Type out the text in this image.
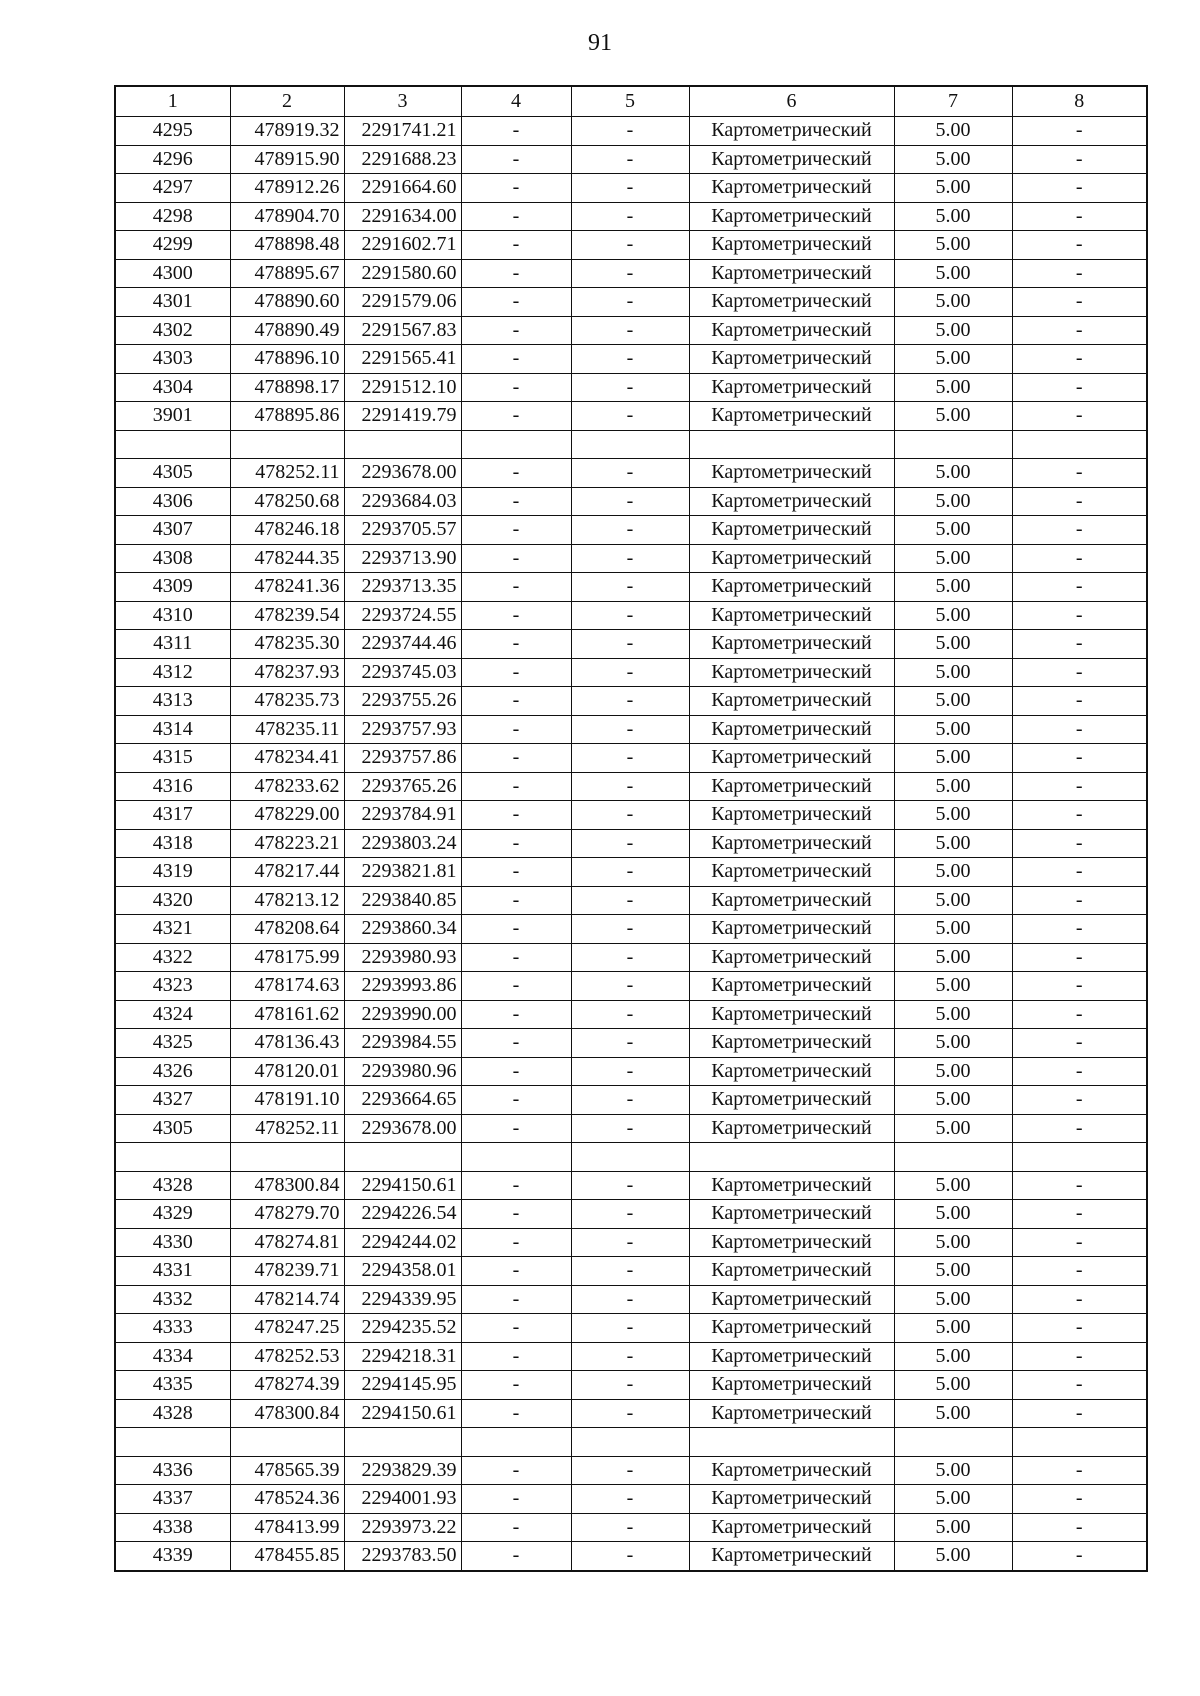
91
1	2	3	4	5	6	7	8
4295	478919.32	2291741.21	-	-	Картометрический	5.00	-
4296	478915.90	2291688.23	-	-	Картометрический	5.00	-
4297	478912.26	2291664.60	-	-	Картометрический	5.00	-
4298	478904.70	2291634.00	-	-	Картометрический	5.00	-
4299	478898.48	2291602.71	-	-	Картометрический	5.00	-
4300	478895.67	2291580.60	-	-	Картометрический	5.00	-
4301	478890.60	2291579.06	-	-	Картометрический	5.00	-
4302	478890.49	2291567.83	-	-	Картометрический	5.00	-
4303	478896.10	2291565.41	-	-	Картометрический	5.00	-
4304	478898.17	2291512.10	-	-	Картометрический	5.00	-
3901	478895.86	2291419.79	-	-	Картометрический	5.00	-

4305	478252.11	2293678.00	-	-	Картометрический	5.00	-
4306	478250.68	2293684.03	-	-	Картометрический	5.00	-
4307	478246.18	2293705.57	-	-	Картометрический	5.00	-
4308	478244.35	2293713.90	-	-	Картометрический	5.00	-
4309	478241.36	2293713.35	-	-	Картометрический	5.00	-
4310	478239.54	2293724.55	-	-	Картометрический	5.00	-
4311	478235.30	2293744.46	-	-	Картометрический	5.00	-
4312	478237.93	2293745.03	-	-	Картометрический	5.00	-
4313	478235.73	2293755.26	-	-	Картометрический	5.00	-
4314	478235.11	2293757.93	-	-	Картометрический	5.00	-
4315	478234.41	2293757.86	-	-	Картометрический	5.00	-
4316	478233.62	2293765.26	-	-	Картометрический	5.00	-
4317	478229.00	2293784.91	-	-	Картометрический	5.00	-
4318	478223.21	2293803.24	-	-	Картометрический	5.00	-
4319	478217.44	2293821.81	-	-	Картометрический	5.00	-
4320	478213.12	2293840.85	-	-	Картометрический	5.00	-
4321	478208.64	2293860.34	-	-	Картометрический	5.00	-
4322	478175.99	2293980.93	-	-	Картометрический	5.00	-
4323	478174.63	2293993.86	-	-	Картометрический	5.00	-
4324	478161.62	2293990.00	-	-	Картометрический	5.00	-
4325	478136.43	2293984.55	-	-	Картометрический	5.00	-
4326	478120.01	2293980.96	-	-	Картометрический	5.00	-
4327	478191.10	2293664.65	-	-	Картометрический	5.00	-
4305	478252.11	2293678.00	-	-	Картометрический	5.00	-

4328	478300.84	2294150.61	-	-	Картометрический	5.00	-
4329	478279.70	2294226.54	-	-	Картометрический	5.00	-
4330	478274.81	2294244.02	-	-	Картометрический	5.00	-
4331	478239.71	2294358.01	-	-	Картометрический	5.00	-
4332	478214.74	2294339.95	-	-	Картометрический	5.00	-
4333	478247.25	2294235.52	-	-	Картометрический	5.00	-
4334	478252.53	2294218.31	-	-	Картометрический	5.00	-
4335	478274.39	2294145.95	-	-	Картометрический	5.00	-
4328	478300.84	2294150.61	-	-	Картометрический	5.00	-

4336	478565.39	2293829.39	-	-	Картометрический	5.00	-
4337	478524.36	2294001.93	-	-	Картометрический	5.00	-
4338	478413.99	2293973.22	-	-	Картометрический	5.00	-
4339	478455.85	2293783.50	-	-	Картометрический	5.00	-
